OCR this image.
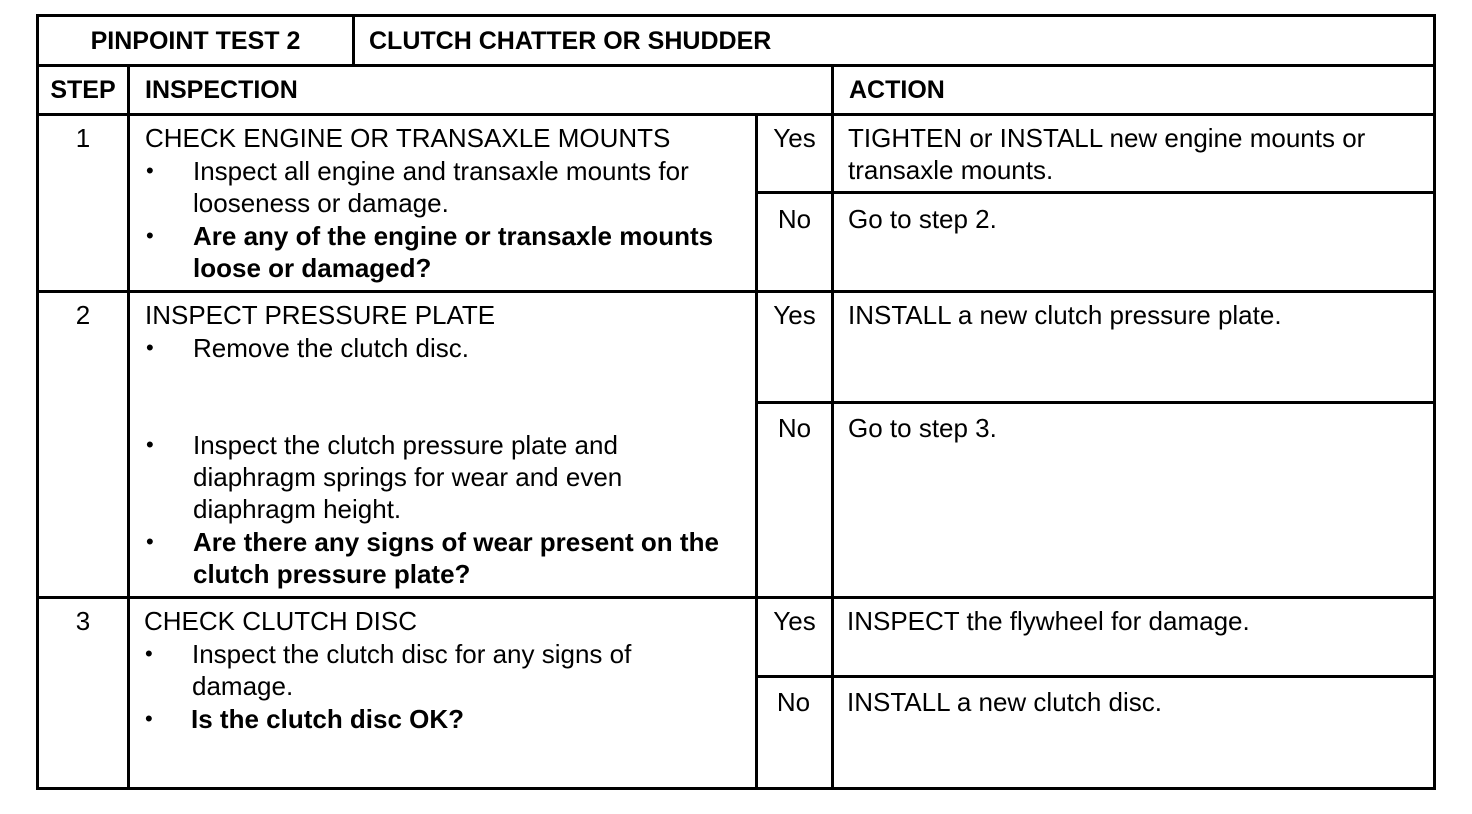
PINPOINT TEST 2	CLUTCH CHATTER OR SHUDDER
STEP	INSPECTION	ACTION
1	CHECK ENGINE OR TRANSAXLE MOUNTS
• Inspect all engine and transaxle mounts for
looseness or damage.
• Are any of the engine or transaxle mounts
loose or damaged?
Yes	TIGHTEN or INSTALL new engine mounts or
transaxle mounts.
No	Go to step 2.
2	INSPECT PRESSURE PLATE
• Remove the clutch disc.
• Inspect the clutch pressure plate and
diaphragm springs for wear and even
diaphragm height.
• Are there any signs of wear present on the
clutch pressure plate?
Yes	INSTALL a new clutch pressure plate.
No	Go to step 3.
3	CHECK CLUTCH DISC
• Inspect the clutch disc for any signs of
damage.
• Is the clutch disc OK?
Yes	INSPECT the flywheel for damage.
No	INSTALL a new clutch disc.
